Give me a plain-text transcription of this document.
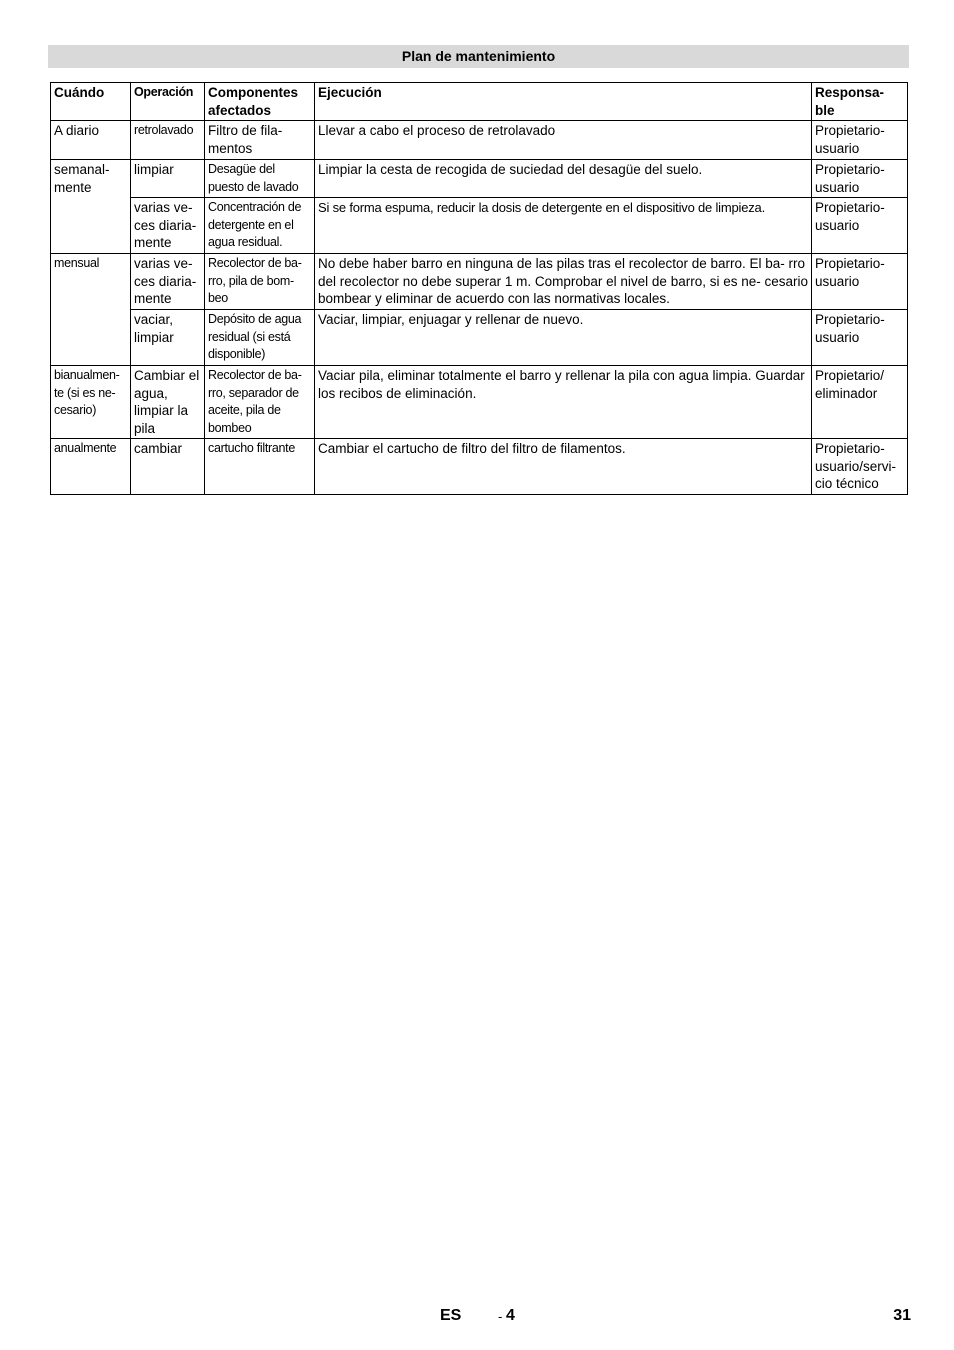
Plan de mantenimiento
Cuándo	Operación	Componentes afectados	Ejecución	Responsa- ble
A diario	retrolavado	Filtro de fila- mentos	Llevar a cabo el proceso de retrolavado	Propietario- usuario
semanal- mente	limpiar	Desagüe del puesto de lavado	Limpiar la cesta de recogida de suciedad del desagüe del suelo.	Propietario- usuario
	varias ve- ces diaria- mente	Concentración de detergente en el agua residual.	Si se forma espuma, reducir la dosis de detergente en el dispositivo de limpieza.	Propietario- usuario
mensual	varias ve- ces diaria- mente	Recolector de ba- rro, pila de bom- beo	No debe haber barro en ninguna de las pilas tras el recolector de barro. El ba- rro del recolector no debe superar 1 m. Comprobar el nivel de barro, si es ne- cesario bombear y eliminar de acuerdo con las normativas locales.	Propietario- usuario
	vaciar, limpiar	Depósito de agua residual (si está disponible)	Vaciar, limpiar, enjuagar y rellenar de nuevo.	Propietario- usuario
bianualmen- te (si es ne- cesario)	Cambiar el agua, limpiar la pila	Recolector de ba- rro, separador de aceite, pila de bombeo	Vaciar pila, eliminar totalmente el barro y rellenar la pila con agua limpia. Guardar los recibos de eliminación.	Propietario/ eliminador
anualmente	cambiar	cartucho filtrante	Cambiar el cartucho de filtro del filtro de filamentos.	Propietario- usuario/servi- cio técnico
ES	- 4	31
